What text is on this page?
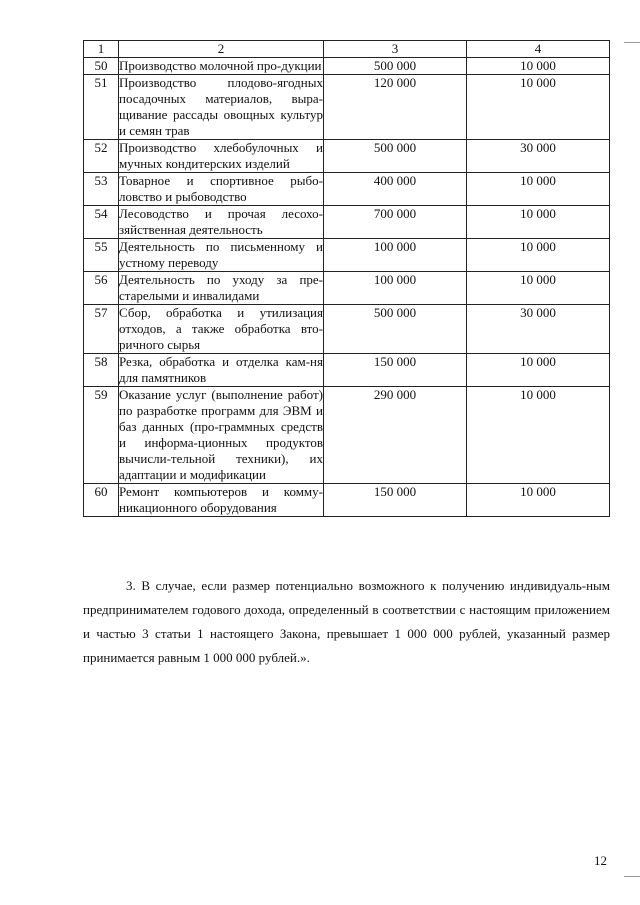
1	2	3	4
50	Производство молочной про-дукции	500 000	10 000
51	Производство плодово-ягодных посадочных материалов, выра-щивание рассады овощных культур и семян трав	120 000	10 000
52	Производство хлебобулочных и мучных кондитерских изделий	500 000	30 000
53	Товарное и спортивное рыбо-ловство и рыбоводство	400 000	10 000
54	Лесоводство и прочая лесохо-зяйственная деятельность	700 000	10 000
55	Деятельность по письменному и устному переводу	100 000	10 000
56	Деятельность по уходу за пре-старелыми и инвалидами	100 000	10 000
57	Сбор, обработка и утилизация отходов, а также обработка вто-ричного сырья	500 000	30 000
58	Резка, обработка и отделка кам-ня для памятников	150 000	10 000
59	Оказание услуг (выполнение работ) по разработке программ для ЭВМ и баз данных (про-граммных средств и информа-ционных продуктов вычисли-тельной техники), их адаптации и модификации	290 000	10 000
60	Ремонт компьютеров и комму-никационного оборудования	150 000	10 000

3. В случае, если размер потенциально возможного к получению индивидуаль-ным предпринимателем годового дохода, определенный в соответствии с настоящим приложением и частью 3 статьи 1 настоящего Закона, превышает 1 000 000 рублей, указанный размер принимается равным 1 000 000 рублей.».

12
